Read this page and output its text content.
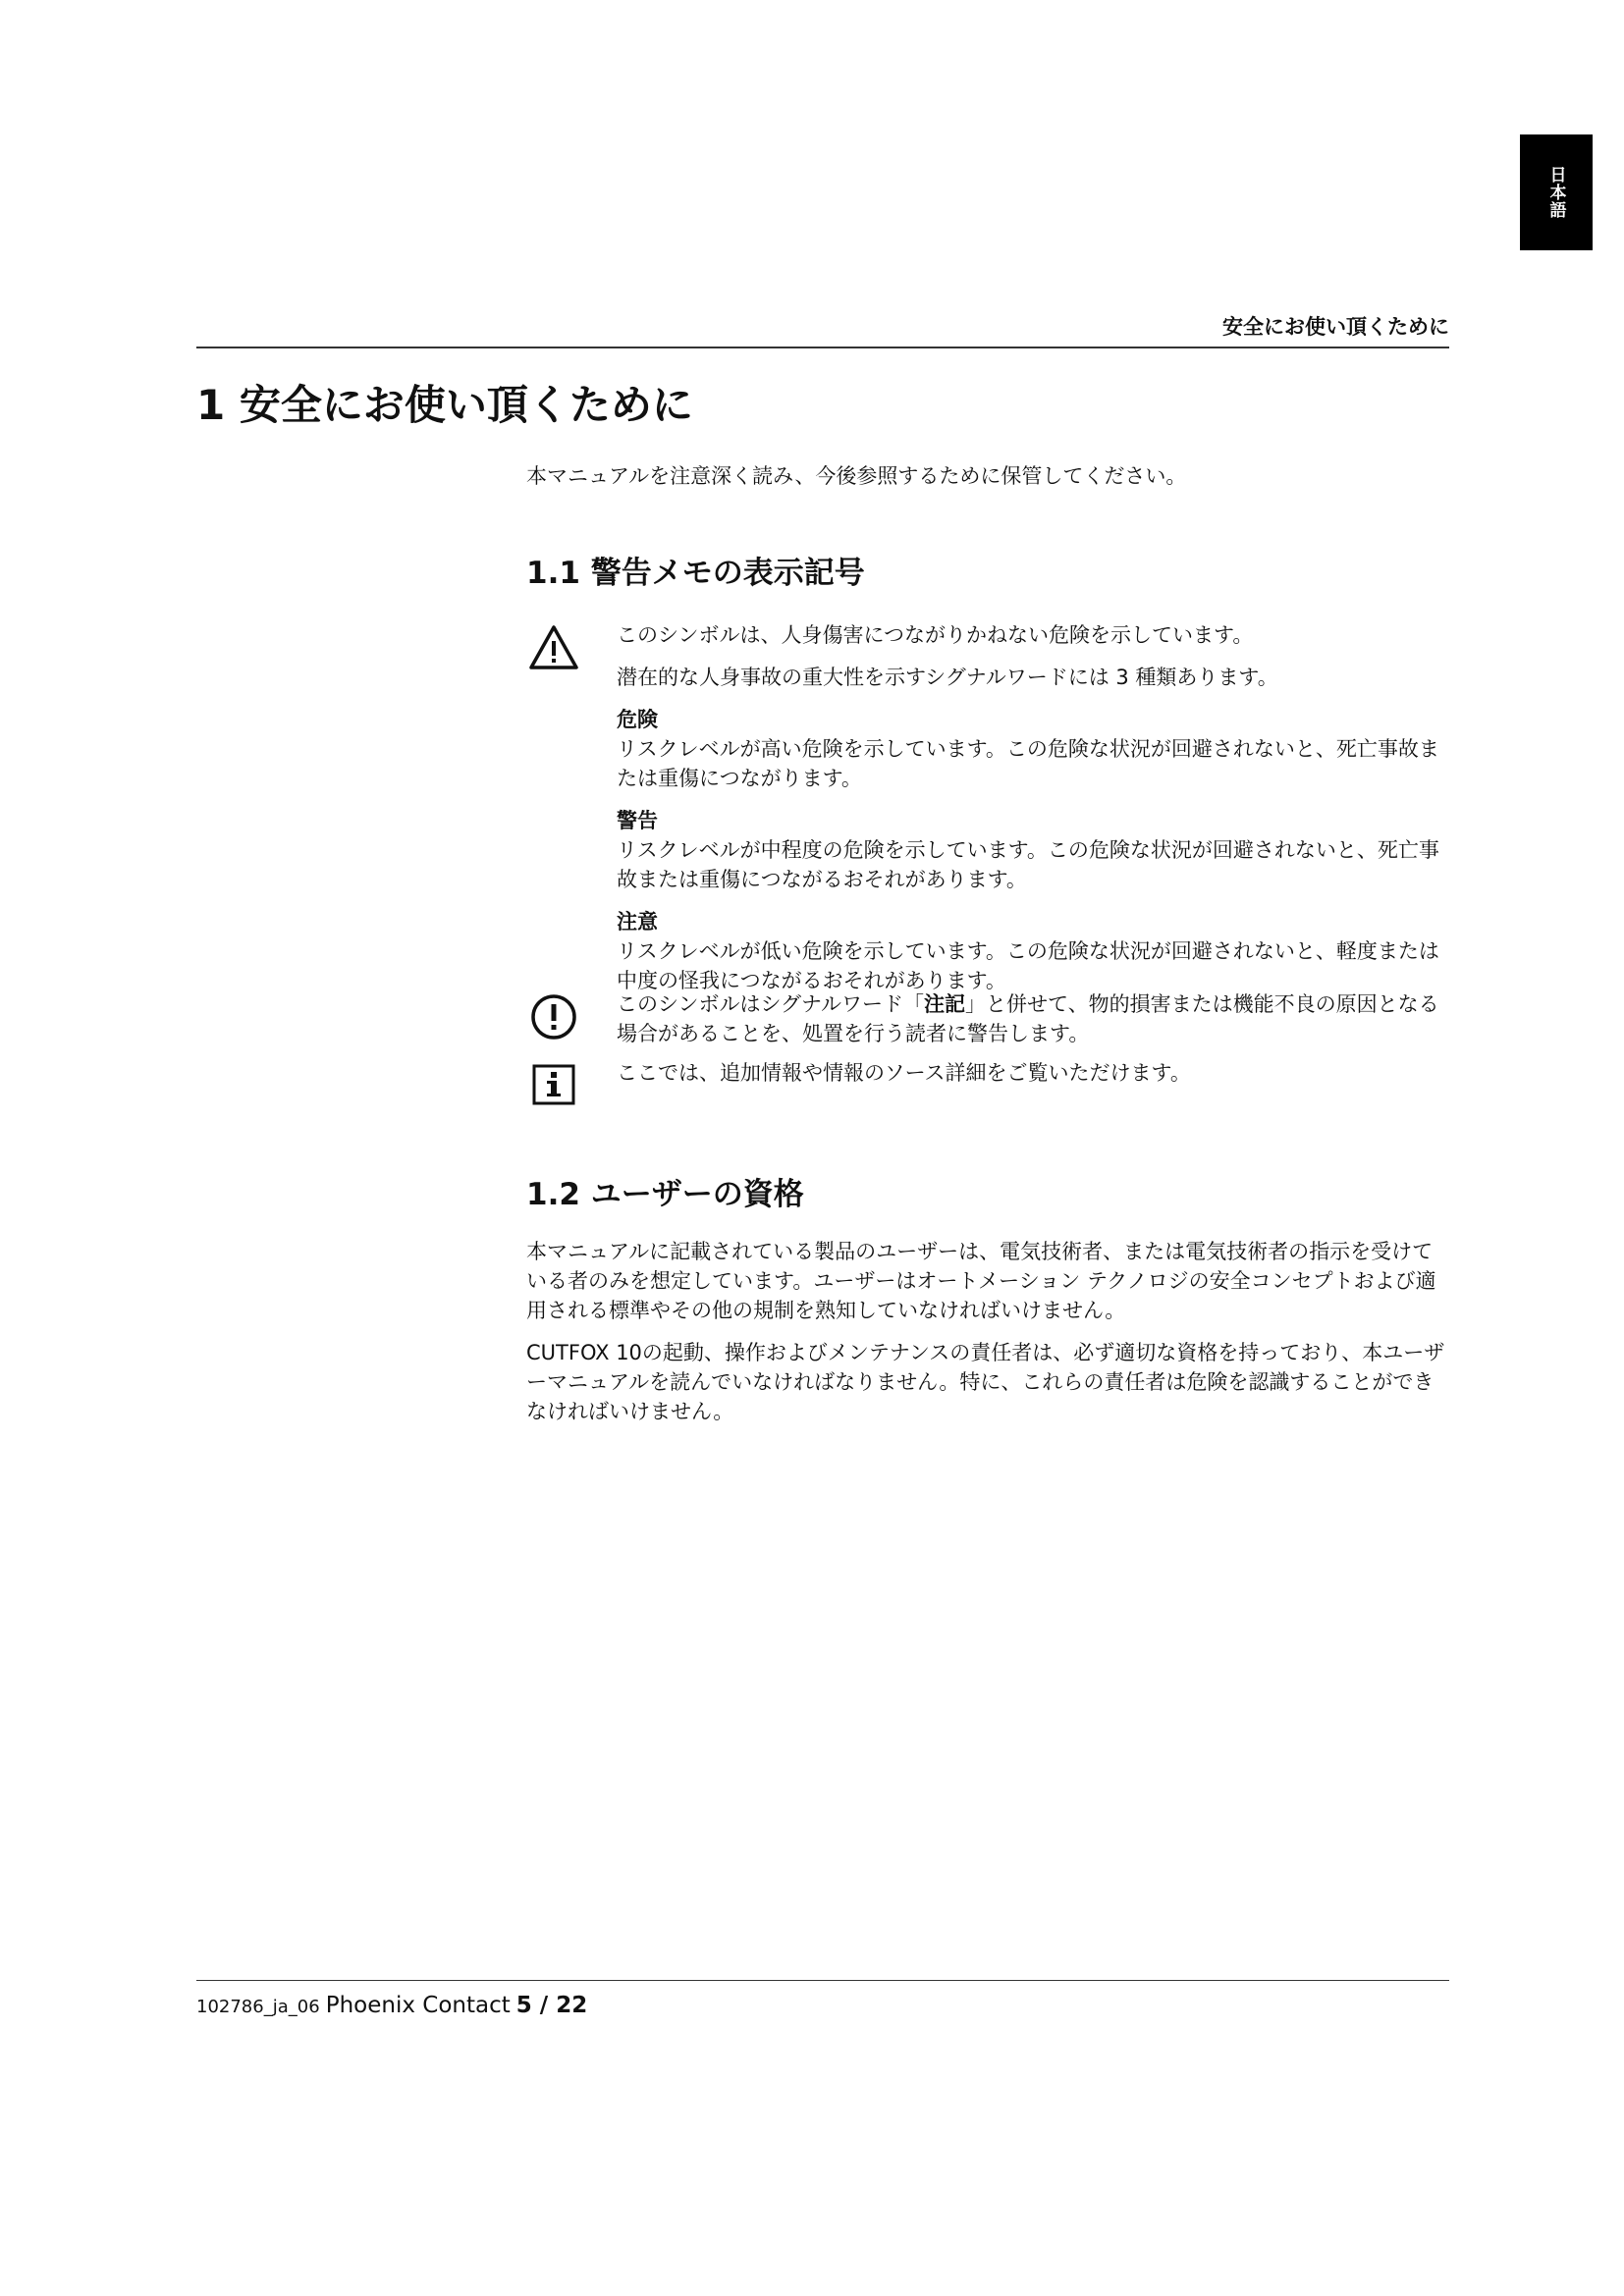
日本語
安全にお使い頂くために
1 安全にお使い頂くために

本マニュアルを注意深く読み、今後参照するために保管してください。

1.1 警告メモの表示記号

このシンボルは、人身傷害につながりかねない危険を示しています。

潜在的な人身事故の重大性を示すシグナルワードには 3 種類あります。

危険

リスクレベルが高い危険を示しています。この危険な状況が回避されないと、死亡事故または重傷につながります。

警告

リスクレベルが中程度の危険を示しています。この危険な状況が回避されないと、死亡事故または重傷につながるおそれがあります。

注意

リスクレベルが低い危険を示しています。この危険な状況が回避されないと、軽度または中度の怪我につながるおそれがあります。

このシンボルはシグナルワード「注記」と併せて、物的損害または機能不良の原因となる場合があることを、処置を行う読者に警告します。

ここでは、追加情報や情報のソース詳細をご覧いただけます。

1.2 ユーザーの資格

本マニュアルに記載されている製品のユーザーは、電気技術者、または電気技術者の指示を受けている者のみを想定しています。ユーザーはオートメーション テクノロジの安全コンセプトおよび適用される標準やその他の規制を熟知していなければいけません。

CUTFOX 10の起動、操作およびメンテナンスの責任者は、必ず適切な資格を持っており、本ユーザーマニュアルを読んでいなければなりません。特に、これらの責任者は危険を認識することができなければいけません。

102786_ja_06 Phoenix Contact 5 / 22
